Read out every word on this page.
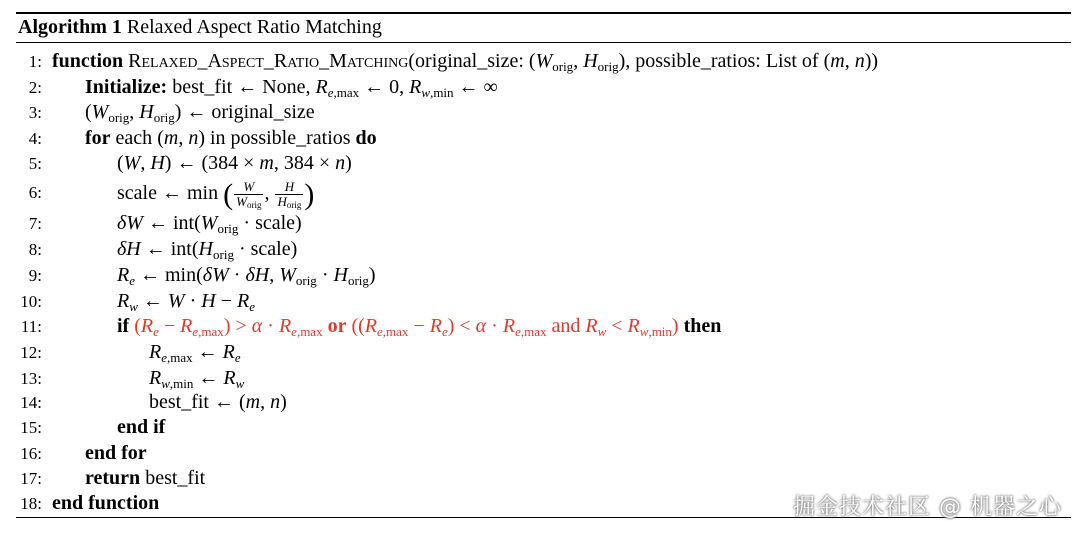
Algorithm 1 Relaxed Aspect Ratio Matching
1: function Relaxed_Aspect_Ratio_Matching(original_size: ($W_{orig}$, $H_{orig}$), possible_ratios: List of (m, n))
2: Initialize: best_fit ← None, $R_{e,max}$ ← 0, $R_{w,min}$ ← ∞
3: ($W_{orig}$, $H_{orig}$) ← original_size
4: for each (m, n) in possible_ratios do
5:	(W, H) ← (384 × m, 384 × n)
6:	scale ← min ( $\frac{W}{W_{orig}}$ , $\frac{H}{H_{orig}}$ )
7:	δW ← $int(W_{orig}$ · scale)
8:	δH ← $int(H_{orig}$ · scale)
9:	$R_e$ ← min(δW · δH, $W_{orig} \cdot H_{orig}$)
10:	$R_w$ ← $W \cdot H - R_e$
11:	if $(R_e - R_{e,max}) > \alpha \cdot R_{e,max}$ or ($(R_{e,max} - R_e) < \alpha \cdot R_{e,max}$ and $R_w < R_{w,min}$) then
12:	$R_{e,max}$ ← $R_e$
13:	$R_{w,min}$ ← $R_w$
14:	best_fit ← (m, n)
15:	end if
16: end for
17: return best_fit
18: end function	掘金技术社区 @ 机器之心
